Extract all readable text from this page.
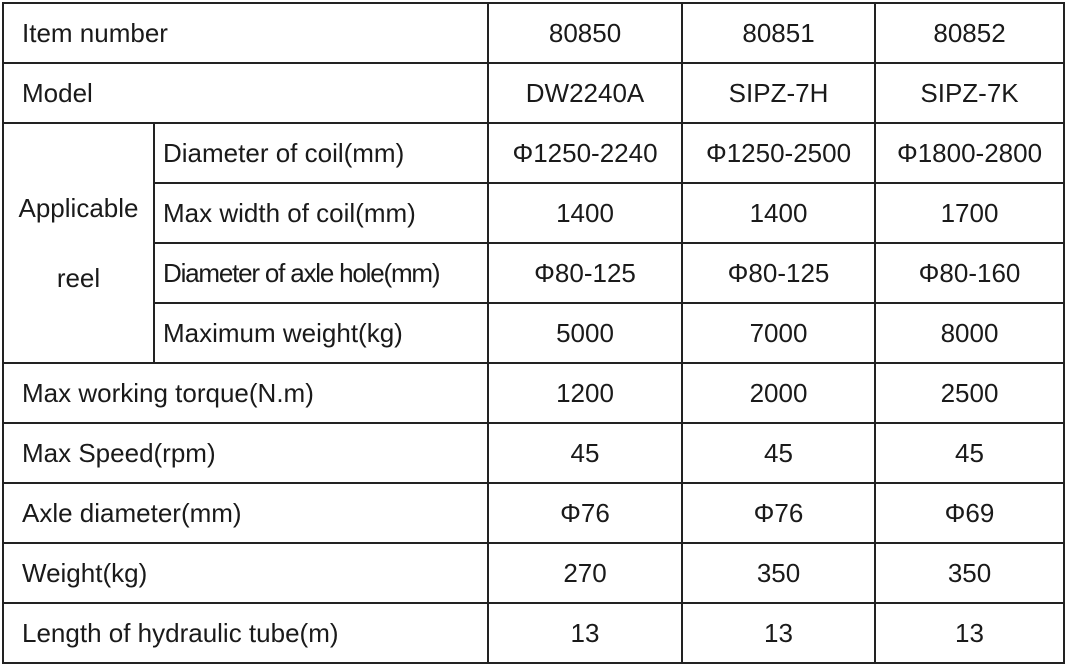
Item number		80850	80851	80852
Model		DW2240A	SIPZ-7H	SIPZ-7K

Applicable
reel	Diameter of coil(mm)	Φ1250-2240	Φ1250-2500	Φ1800-2800
	Max width of coil(mm)	1400	1400	1700
	Diameter of axle hole(mm)	Φ80-125	Φ80-125	Φ80-160
	Maximum weight(kg)	5000	7000	8000
Max working torque(N.m)		1200	2000	2500
Max Speed(rpm)		45	45	45
Axle diameter(mm)		Φ76	Φ76	Φ69
Weight(kg)		270	350	350
Length of hydraulic tube(m)		13	13	13
